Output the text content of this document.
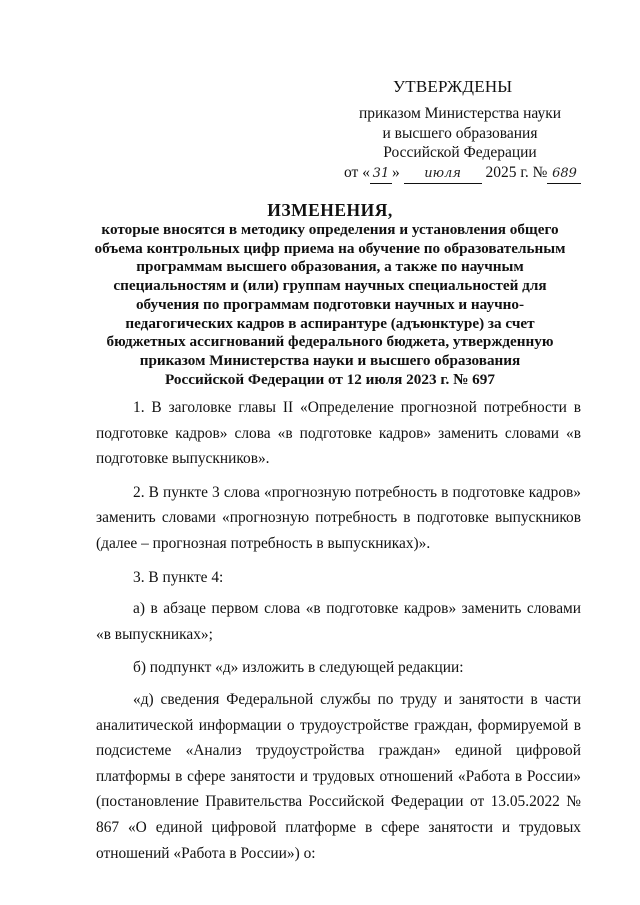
УТВЕРЖДЕНЫ
приказом Министерства науки
и высшего образования
Российской Федерации
от « 31 » июля 2025 г. № 689
ИЗМЕНЕНИЯ,
которые вносятся в методику определения и установления общего
объема контрольных цифр приема на обучение по образовательным
программам высшего образования, а также по научным
специальностям и (или) группам научных специальностей для
обучения по программам подготовки научных и научно-
педагогических кадров в аспирантуре (адъюнктуре) за счет
бюджетных ассигнований федерального бюджета, утвержденную
приказом Министерства науки и высшего образования
Российской Федерации от 12 июля 2023 г. № 697

1. В заголовке главы II «Определение прогнозной потребности в подготовке кадров» слова «в подготовке кадров» заменить словами «в подготовке выпускников».

2. В пункте 3 слова «прогнозную потребность в подготовке кадров» заменить словами «прогнозную потребность в подготовке выпускников (далее – прогнозная потребность в выпускниках)».

3. В пункте 4:

а) в абзаце первом слова «в подготовке кадров» заменить словами «в выпускниках»;

б) подпункт «д» изложить в следующей редакции:

«д) сведения Федеральной службы по труду и занятости в части аналитической информации о трудоустройстве граждан, формируемой в подсистеме «Анализ трудоустройства граждан» единой цифровой платформы в сфере занятости и трудовых отношений «Работа в России» (постановление Правительства Российской Федерации от 13.05.2022 № 867 «О единой цифровой платформе в сфере занятости и трудовых отношений «Работа в России») о:
